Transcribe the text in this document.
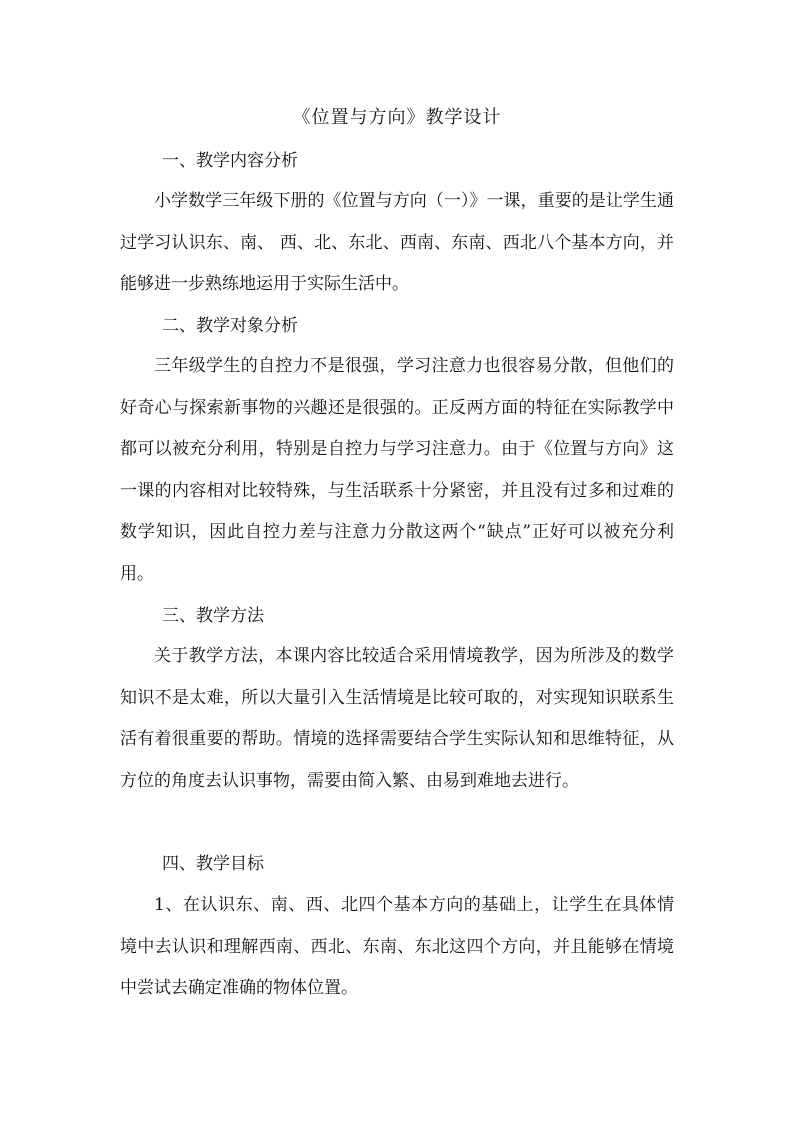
《位置与方向》教学设计
一、教学内容分析

小学数学三年级下册的《位置与方向（一）》一课，重要的是让学生通过学习认识东、南、 西、北、东北、西南、东南、西北八个基本方向，并能够进一步熟练地运用于实际生活中。

二、教学对象分析

三年级学生的自控力不是很强，学习注意力也很容易分散，但他们的好奇心与探索新事物的兴趣还是很强的。正反两方面的特征在实际教学中都可以被充分利用，特别是自控力与学习注意力。由于《位置与方向》这一课的内容相对比较特殊，与生活联系十分紧密，并且没有过多和过难的数学知识，因此自控力差与注意力分散这两个“缺点”正好可以被充分利用。

三、教学方法

关于教学方法，本课内容比较适合采用情境教学，因为所涉及的数学知识不是太难，所以大量引入生活情境是比较可取的，对实现知识联系生活有着很重要的帮助。情境的选择需要结合学生实际认知和思维特征，从方位的角度去认识事物，需要由简入繁、由易到难地去进行。

四、教学目标

1、在认识东、南、西、北四个基本方向的基础上，让学生在具体情境中去认识和理解西南、西北、东南、东北这四个方向，并且能够在情境中尝试去确定准确的物体位置。
